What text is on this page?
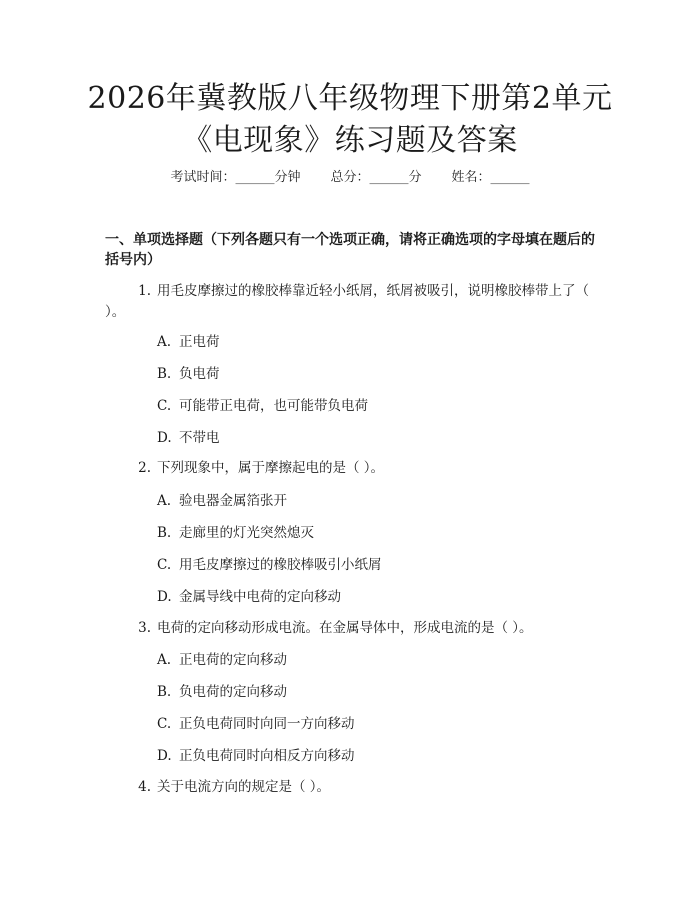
2026年冀教版八年级物理下册第2单元《电现象》练习题及答案
考试时间：______分钟 总分：______分 姓名：______
一、单项选择题（下列各题只有一个选项正确，请将正确选项的字母填在题后的括号内）
1. 用毛皮摩擦过的橡胶棒靠近轻小纸屑，纸屑被吸引，说明橡胶棒带上了（ ）。
A. 正电荷
B. 负电荷
C. 可能带正电荷，也可能带负电荷
D. 不带电
2. 下列现象中，属于摩擦起电的是（ ）。
A. 验电器金属箔张开
B. 走廊里的灯光突然熄灭
C. 用毛皮摩擦过的橡胶棒吸引小纸屑
D. 金属导线中电荷的定向移动
3. 电荷的定向移动形成电流。在金属导体中，形成电流的是（ ）。
A. 正电荷的定向移动
B. 负电荷的定向移动
C. 正负电荷同时向同一方向移动
D. 正负电荷同时向相反方向移动
4. 关于电流方向的规定是（ ）。
